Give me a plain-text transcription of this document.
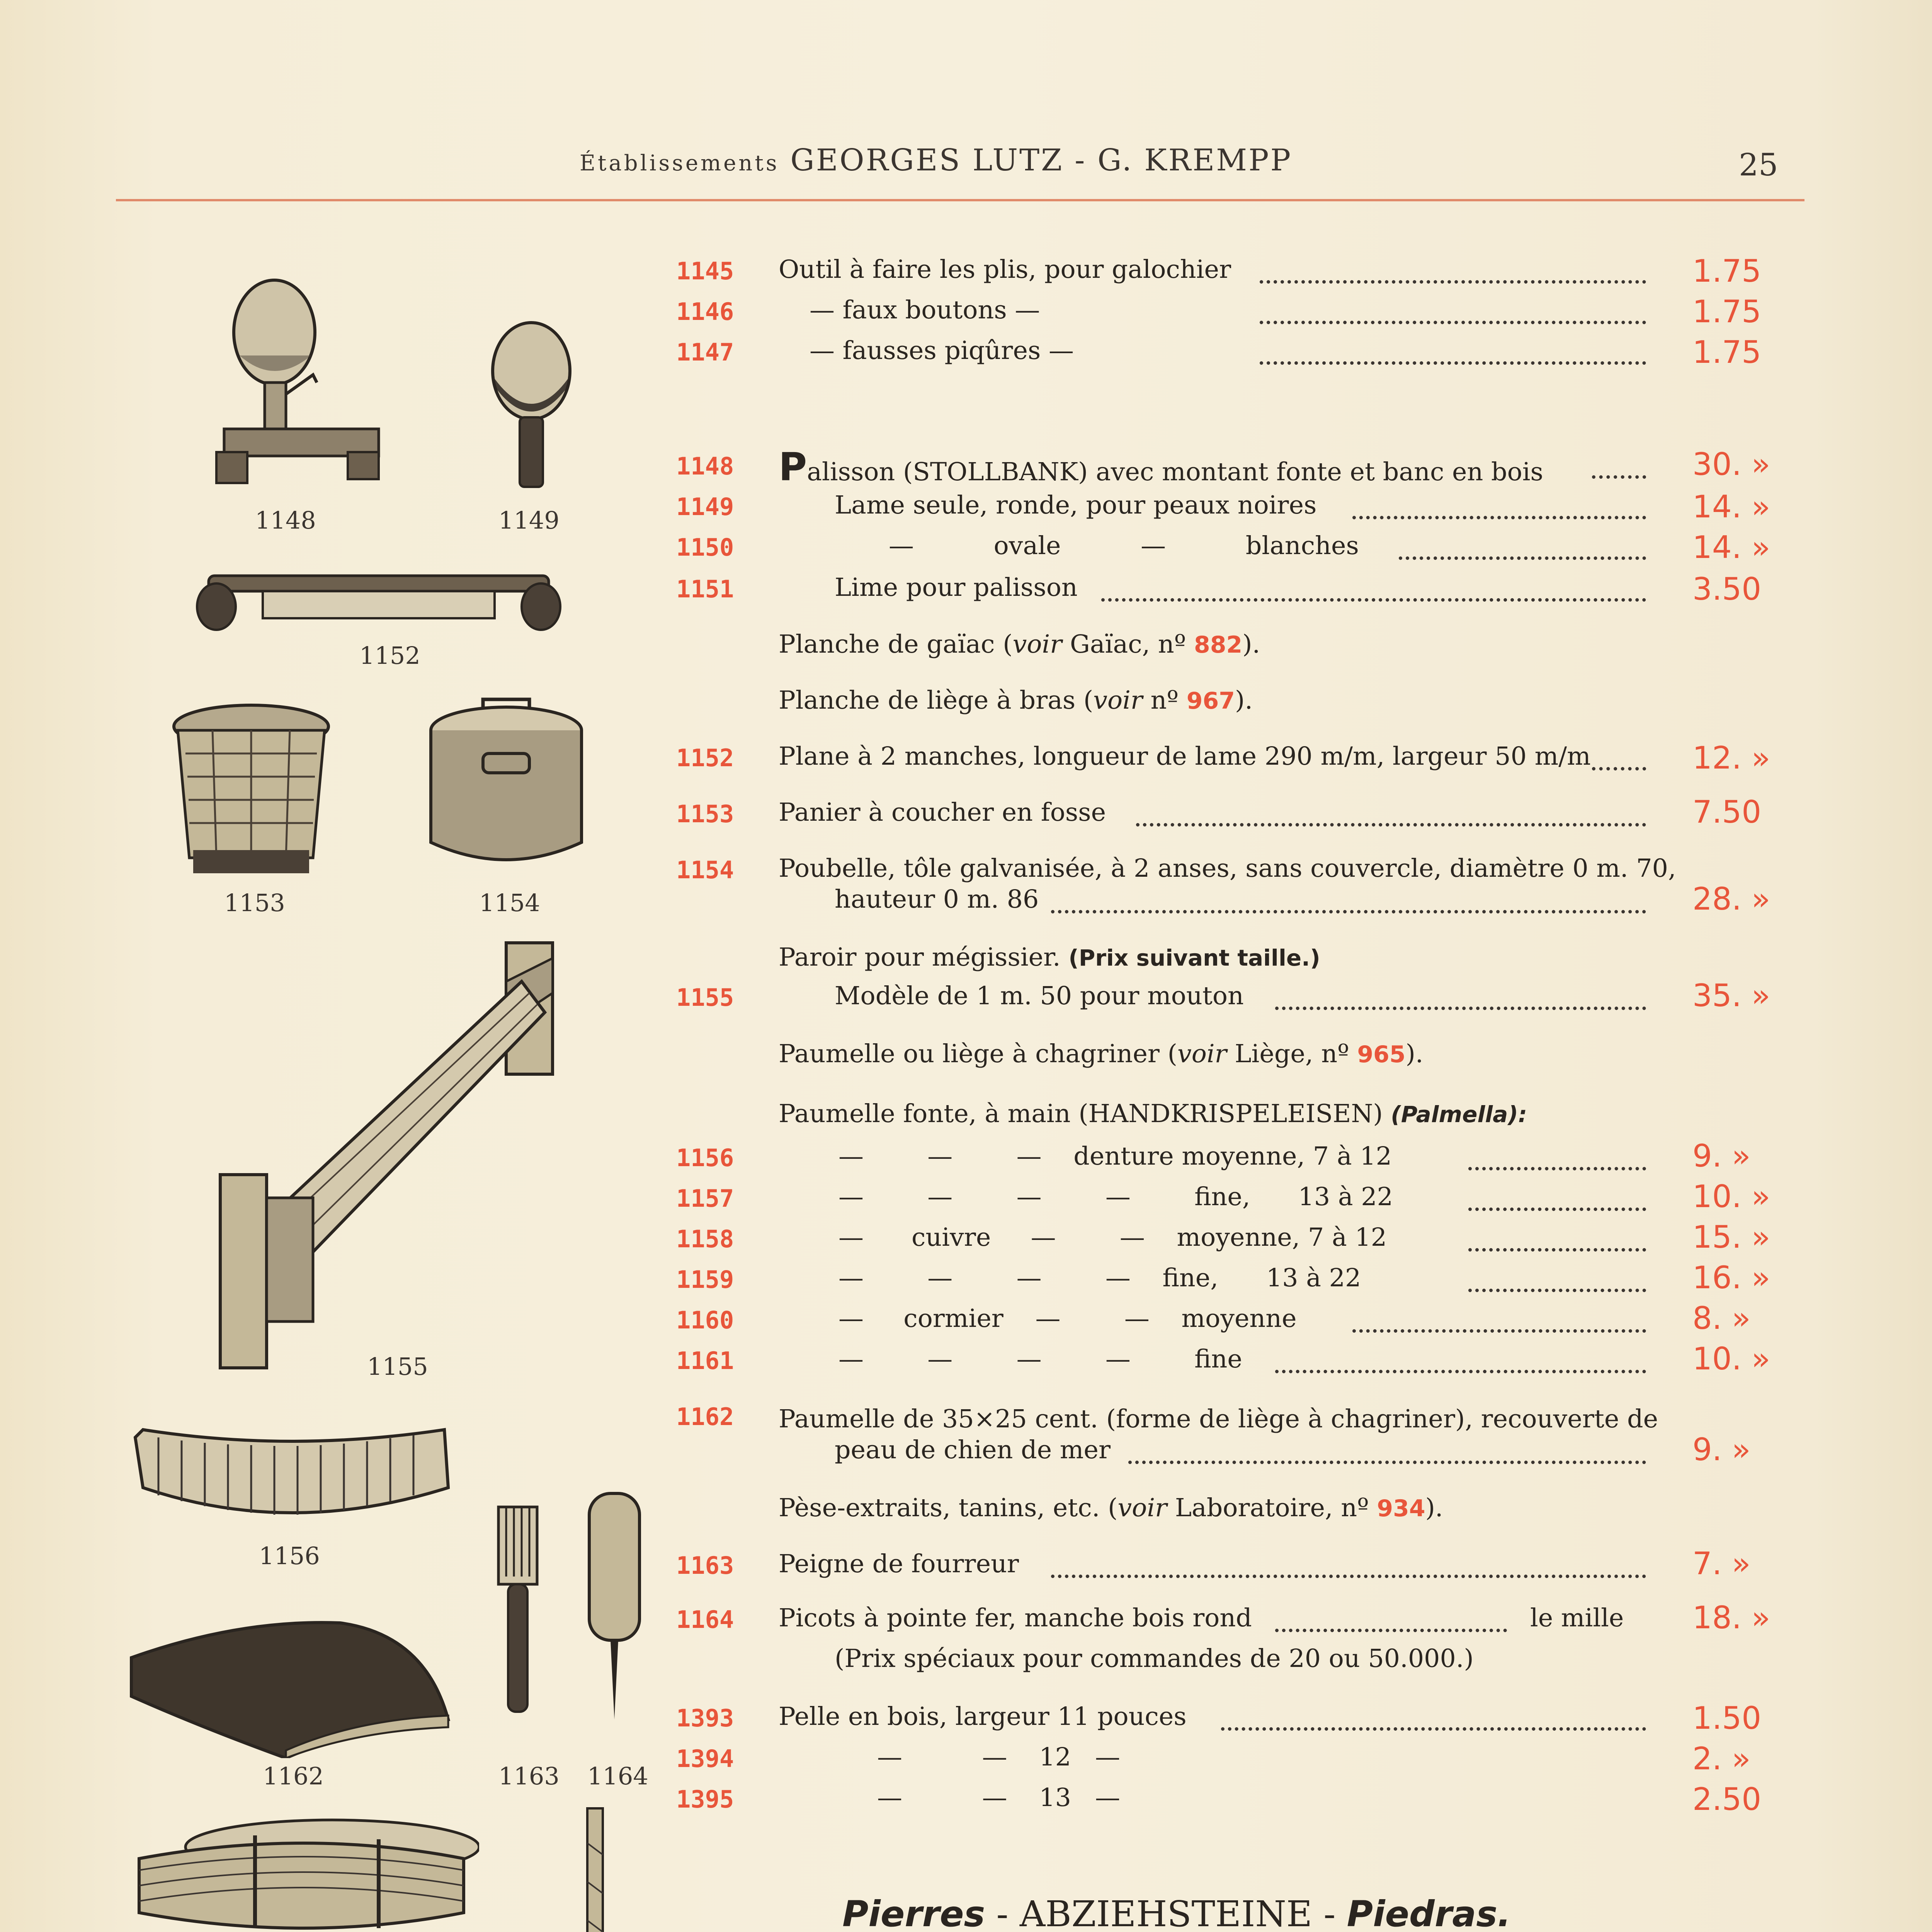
Établissements GEORGES LUTZ - G. KREMPP	25
1148	1149
1152
1153	1154
1155
1156
1162	1163 1164
1145 Outil à faire les plis, pour galochier	1.75
1146	— faux boutons —	1.75
1147	— fausses piqûres —	1.75
1148 Palisson (STOLLBANK) avec montant fonte et banc en bois	30. »
1149	Lame seule, ronde, pour peaux noires	14. »
1150	—          ovale          —          blanches	14. »
1151	Lime pour palisson	3.50
Planche de gaïac (voir Gaïac, nº 882).
Planche de liège à bras (voir nº 967).
1152 Plane à 2 manches, longueur de lame 290 m/m, largeur 50 m/m	12. »
1153 Panier à coucher en fosse	7.50
1154 Poubelle, tôle galvanisée, à 2 anses, sans couvercle, diamètre 0 m. 70,
hauteur 0 m. 86	28. »
Paroir pour mégissier. (Prix suivant taille.)
1155	Modèle de 1 m. 50 pour mouton	35. »
Paumelle ou liège à chagriner (voir Liège, nº 965).
Paumelle fonte, à main (HANDKRISPELEISEN) (Palmella):
1156	—        —        —    denture moyenne, 7 à 12	9. »
1157	—        —        —        —        fine,      13 à 22	10. »
1158	—      cuivre     —        —    moyenne, 7 à 12	15. »
1159	—        —        —        —    fine,      13 à 22	16. »
1160	—     cormier    —        —    moyenne	8. »
1161	—        —        —        —        fine	10. »
1162 Paumelle de 35×25 cent. (forme de liège à chagriner), recouverte de
peau de chien de mer	9. »
Pèse-extraits, tanins, etc. (voir Laboratoire, nº 934).
1163 Peigne de fourreur	7. »
1164 Picots à pointe fer, manche bois rond	le mille 18. »
(Prix spéciaux pour commandes de 20 ou 50.000.)
1393 Pelle en bois, largeur 11 pouces	1.50
1394	—          —    12   —	2. »
1395	—          —    13   —	2.50
Pierres - ABZIEHSTEINE - Piedras.
